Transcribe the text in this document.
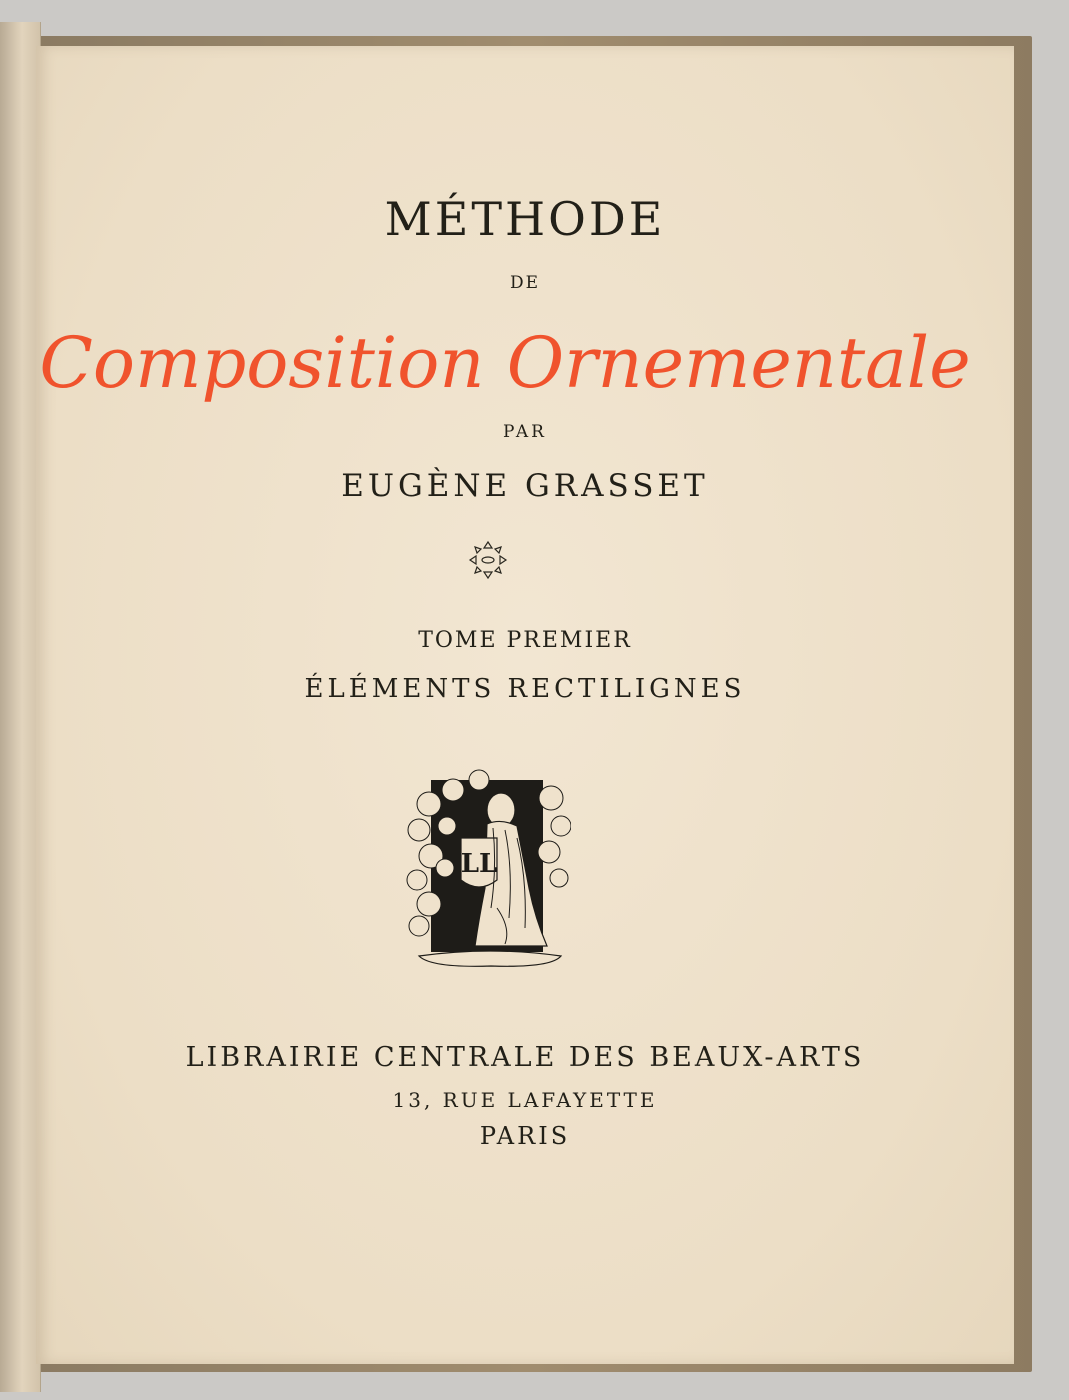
MÉTHODE
DE
Composition Ornementale
PAR
EUGÈNE GRASSET
TOME PREMIER
ÉLÉMENTS RECTILIGNES
LL
LIBRAIRIE CENTRALE DES BEAUX-ARTS
13, RUE LAFAYETTE
PARIS
